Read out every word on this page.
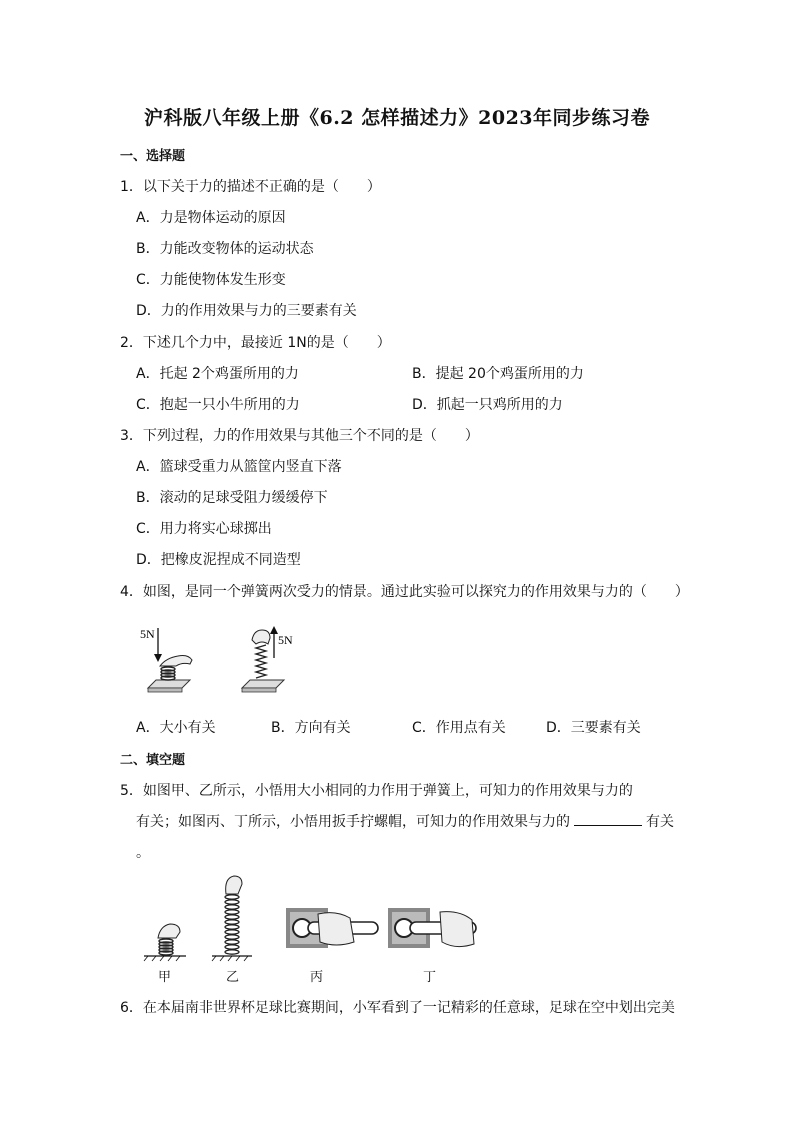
沪科版八年级上册《6.2 怎样描述力》2023年同步练习卷
一、选择题
1．以下关于力的描述不正确的是（　　）
A．力是物体运动的原因
B．力能改变物体的运动状态
C．力能使物体发生形变
D．力的作用效果与力的三要素有关
2．下述几个力中，最接近 1N的是（　　）
A．托起 2个鸡蛋所用的力	B．提起 20个鸡蛋所用的力
C．抱起一只小牛所用的力	D．抓起一只鸡所用的力
3．下列过程，力的作用效果与其他三个不同的是（　　）
A．篮球受重力从篮筐内竖直下落
B．滚动的足球受阻力缓缓停下
C．用力将实心球掷出
D．把橡皮泥捏成不同造型
4．如图，是同一个弹簧两次受力的情景。通过此实验可以探究力的作用效果与力的（　　）
5N	5N
A．大小有关	B．方向有关	C．作用点有关	D．三要素有关
二、填空题
5．如图甲、乙所示，小悟用大小相同的力作用于弹簧上，可知力的作用效果与力的
有关；如图丙、丁所示，小悟用扳手拧螺帽，可知力的作用效果与力的	有关
。
甲	乙	丙	丁
6．在本届南非世界杯足球比赛期间，小军看到了一记精彩的任意球，足球在空中划出完美
